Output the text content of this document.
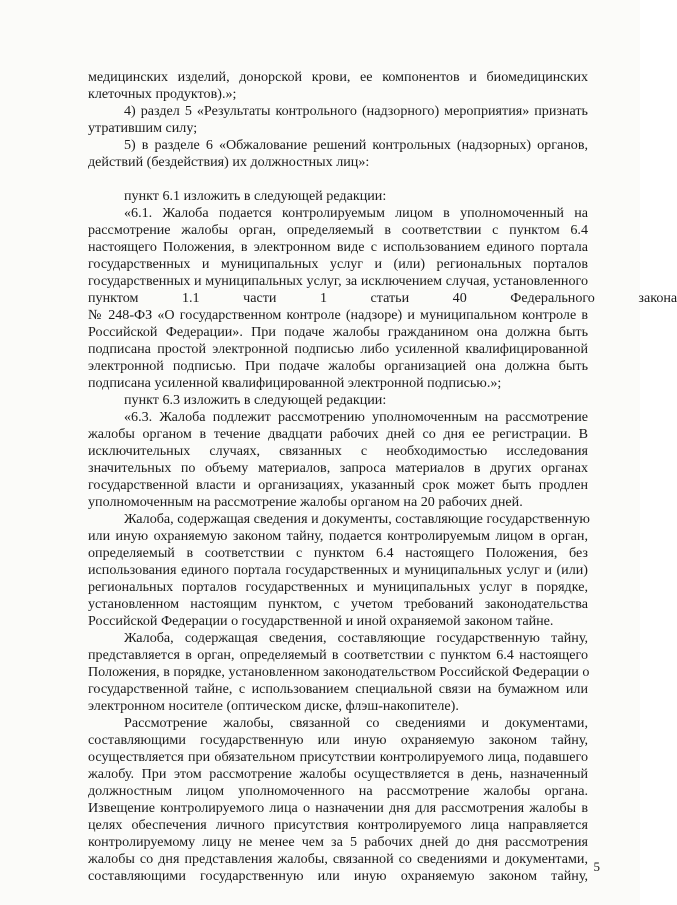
медицинских изделий, донорской крови, ее компонентов и биомедицинских
клеточных продуктов).»;
4) раздел 5 «Результаты контрольного (надзорного) мероприятия» признать
утратившим силу;
5) в разделе 6 «Обжалование решений контрольных (надзорных) органов,
действий (бездействия) их должностных лиц»:
пункт 6.1 изложить в следующей редакции:
«6.1. Жалоба подается контролируемым лицом в уполномоченный на
рассмотрение жалобы орган, определяемый в соответствии с пунктом 6.4
настоящего Положения, в электронном виде с использованием единого портала
государственных и муниципальных услуг и (или) региональных порталов
государственных и муниципальных услуг, за исключением случая, установленного
пунктом 1.1 части 1 статьи 40 Федерального закона
№ 248-ФЗ «О государственном контроле (надзоре) и муниципальном контроле в
Российской Федерации». При подаче жалобы гражданином она должна быть
подписана простой электронной подписью либо усиленной квалифицированной
электронной подписью. При подаче жалобы организацией она должна быть
подписана усиленной квалифицированной электронной подписью.»;
пункт 6.3 изложить в следующей редакции:
«6.3. Жалоба подлежит рассмотрению уполномоченным на рассмотрение
жалобы органом в течение двадцати рабочих дней со дня ее регистрации. В
исключительных случаях, связанных с необходимостью исследования
значительных по объему материалов, запроса материалов в других органах
государственной власти и организациях, указанный срок может быть продлен
уполномоченным на рассмотрение жалобы органом на 20 рабочих дней.
Жалоба, содержащая сведения и документы, составляющие государственную
или иную охраняемую законом тайну, подается контролируемым лицом в орган,
определяемый в соответствии с пунктом 6.4 настоящего Положения, без
использования единого портала государственных и муниципальных услуг и (или)
региональных порталов государственных и муниципальных услуг в порядке,
установленном настоящим пунктом, с учетом требований законодательства
Российской Федерации о государственной и иной охраняемой законом тайне.
Жалоба, содержащая сведения, составляющие государственную тайну,
представляется в орган, определяемый в соответствии с пунктом 6.4 настоящего
Положения, в порядке, установленном законодательством Российской Федерации о
государственной тайне, с использованием специальной связи на бумажном или
электронном носителе (оптическом диске, флэш-накопителе).
Рассмотрение жалобы, связанной со сведениями и документами,
составляющими государственную или иную охраняемую законом тайну,
осуществляется при обязательном присутствии контролируемого лица, подавшего
жалобу. При этом рассмотрение жалобы осуществляется в день, назначенный
должностным лицом уполномоченного на рассмотрение жалобы органа.
Извещение контролируемого лица о назначении дня для рассмотрения жалобы в
целях обеспечения личного присутствия контролируемого лица направляется
контролируемому лицу не менее чем за 5 рабочих дней до дня рассмотрения
жалобы со дня представления жалобы, связанной со сведениями и документами,
составляющими государственную или иную охраняемую законом тайну,
5
